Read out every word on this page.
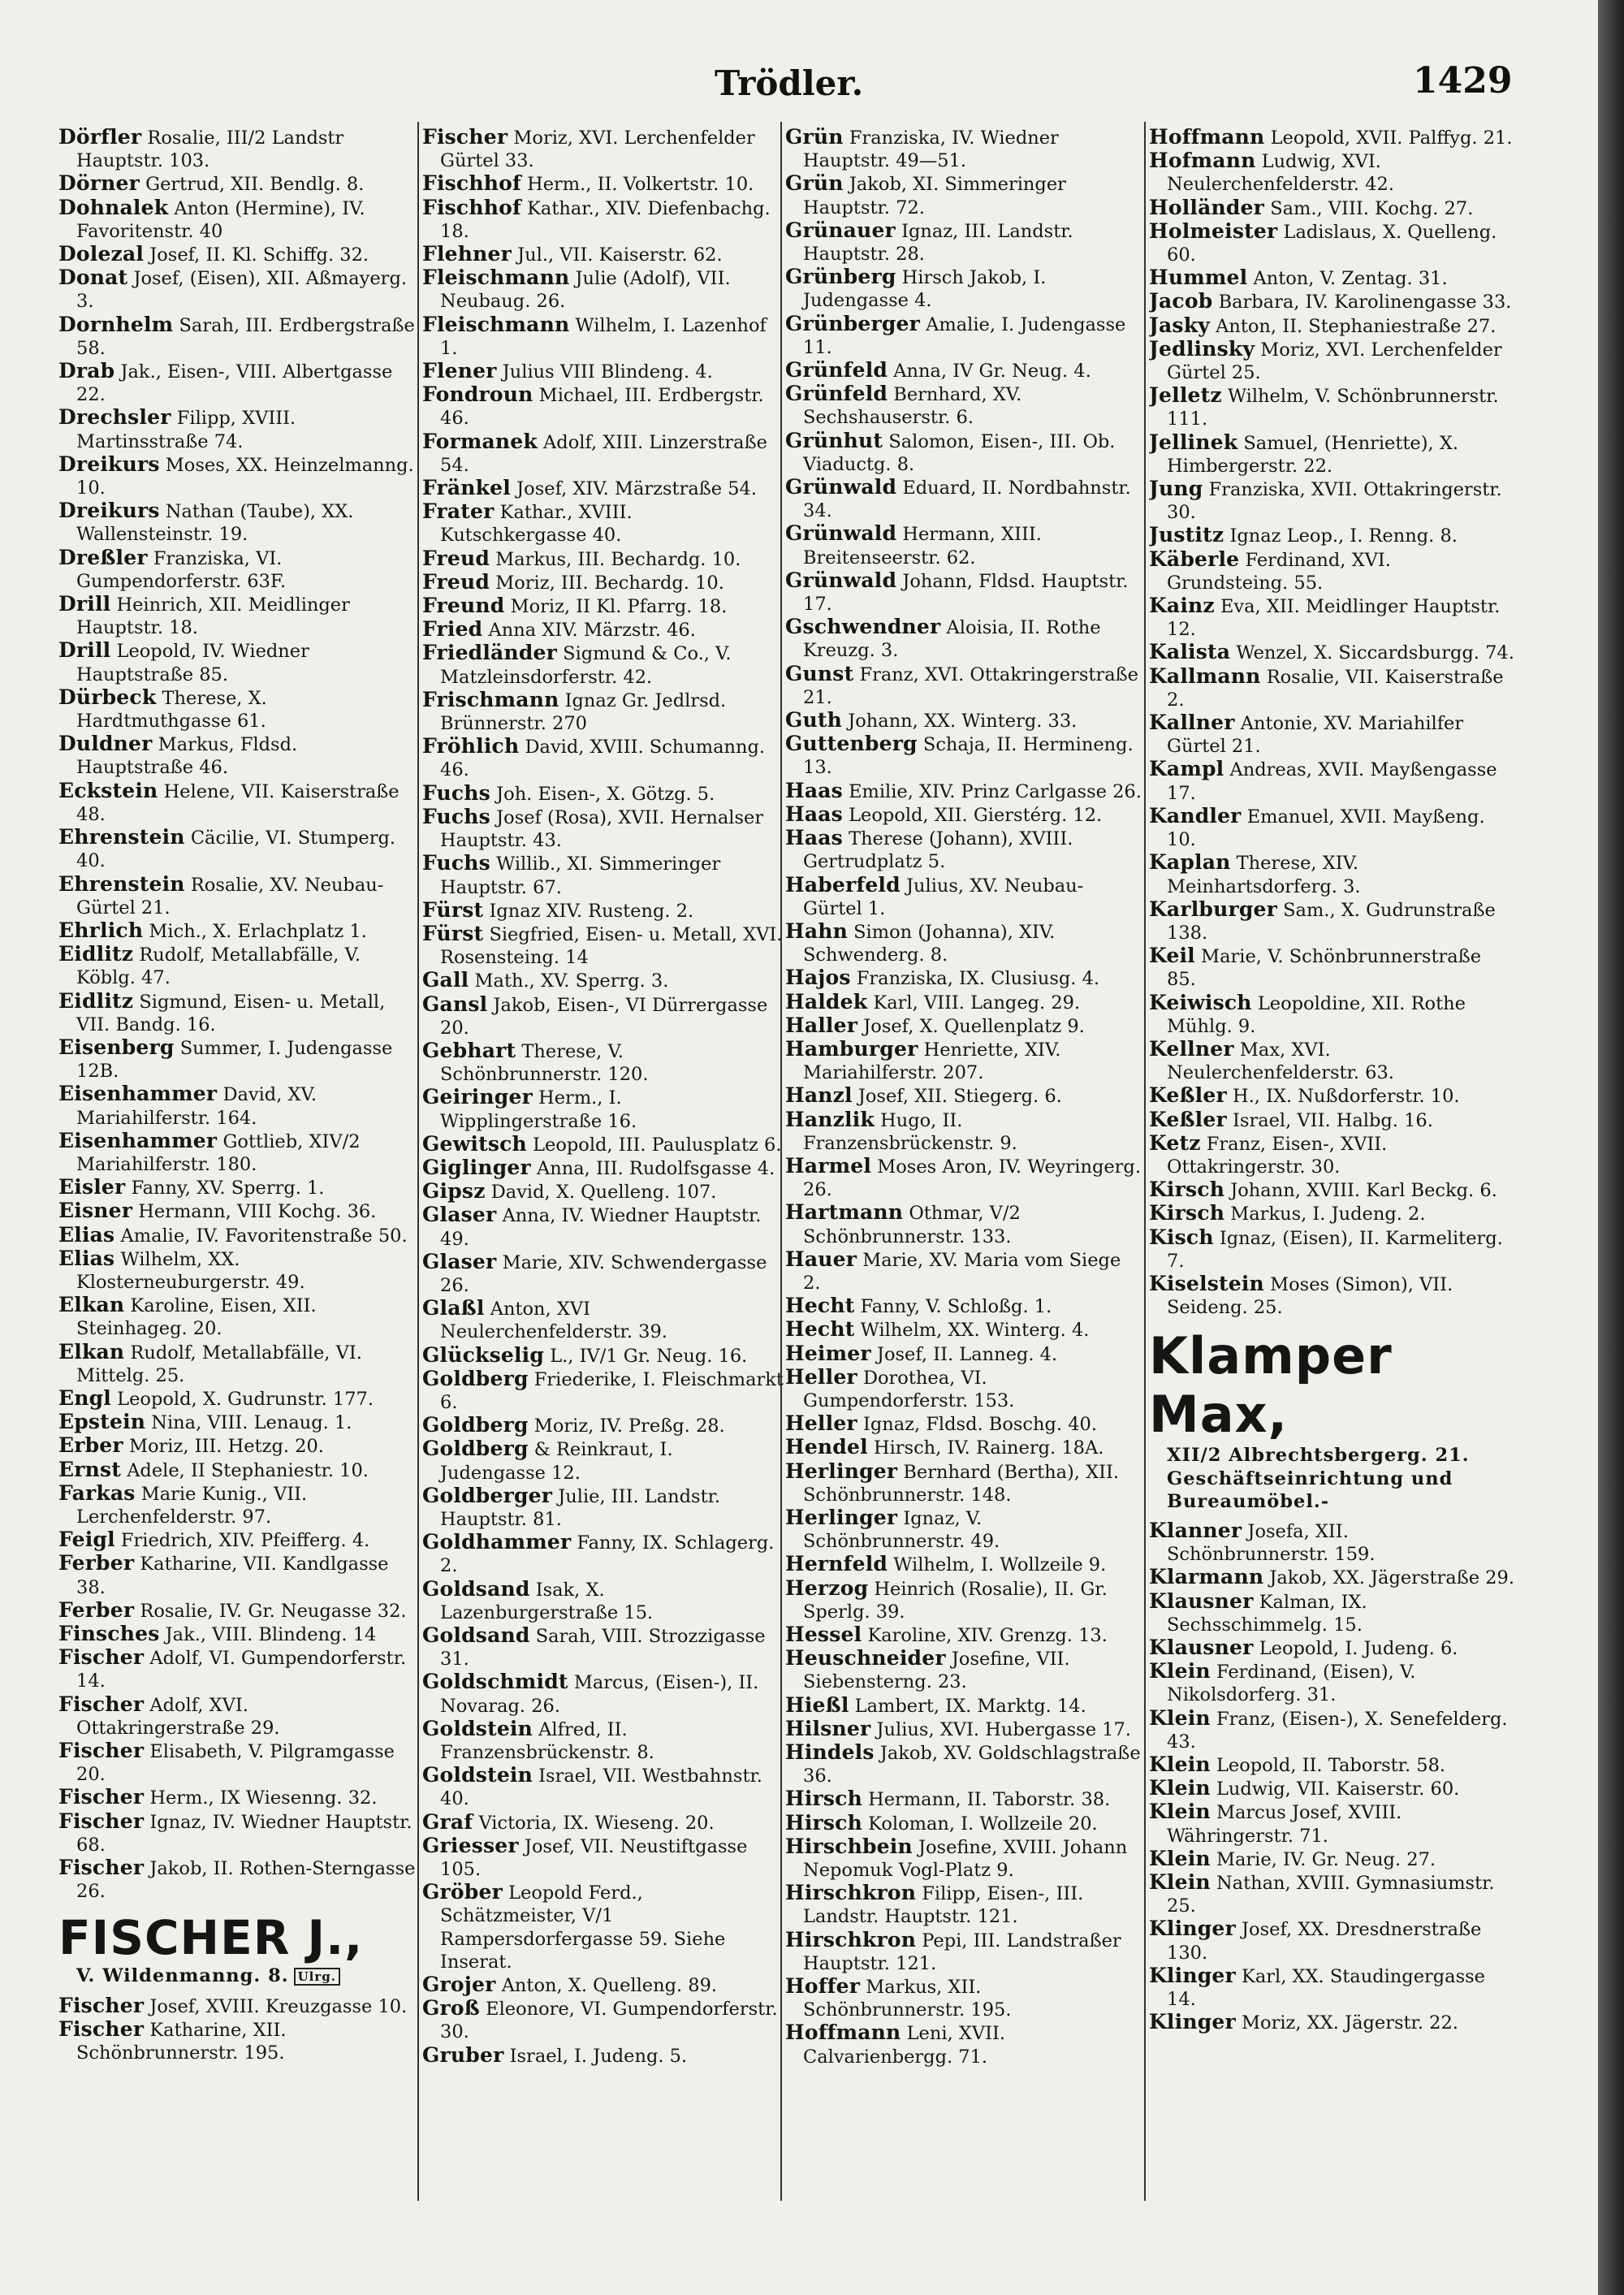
Trödler.	1429

Dörfler Rosalie, III/2 Landstr Hauptstr. 103.

Dörner Gertrud, XII. Bendlg. 8.

Dohnalek Anton (Hermine), IV. Favoritenstr. 40

Dolezal Josef, II. Kl. Schiffg. 32.

Donat Josef, (Eisen), XII. Aßmayerg. 3.

Dornhelm Sarah, III. Erdbergstraße 58.

Drab Jak., Eisen-, VIII. Albertgasse 22.

Drechsler Filipp, XVIII. Martinsstraße 74.

Dreikurs Moses, XX. Heinzelmanng. 10.

Dreikurs Nathan (Taube), XX. Wallensteinstr. 19.

Dreßler Franziska, VI. Gumpendorferstr. 63F.

Drill Heinrich, XII. Meidlinger Hauptstr. 18.

Drill Leopold, IV. Wiedner Hauptstraße 85.

Dürbeck Therese, X. Hardtmuthgasse 61.

Duldner Markus, Fldsd. Hauptstraße 46.

Eckstein Helene, VII. Kaiserstraße 48.

Ehrenstein Cäcilie, VI. Stumperg. 40.

Ehrenstein Rosalie, XV. Neubau-Gürtel 21.

Ehrlich Mich., X. Erlachplatz 1.

Eidlitz Rudolf, Metallabfälle, V. Köblg. 47.

Eidlitz Sigmund, Eisen- u. Metall, VII. Bandg. 16.

Eisenberg Summer, I. Judengasse 12B.

Eisenhammer David, XV. Mariahilferstr. 164.

Eisenhammer Gottlieb, XIV/2 Mariahilferstr. 180.

Eisler Fanny, XV. Sperrg. 1.

Eisner Hermann, VIII Kochg. 36.

Elias Amalie, IV. Favoritenstraße 50.

Elias Wilhelm, XX. Klosterneuburgerstr. 49.

Elkan Karoline, Eisen, XII. Steinhageg. 20.

Elkan Rudolf, Metallabfälle, VI. Mittelg. 25.

Engl Leopold, X. Gudrunstr. 177.

Epstein Nina, VIII. Lenaug. 1.

Erber Moriz, III. Hetzg. 20.

Ernst Adele, II Stephaniestr. 10.

Farkas Marie Kunig., VII. Lerchenfelderstr. 97.

Feigl Friedrich, XIV. Pfeifferg. 4.

Ferber Katharine, VII. Kandlgasse 38.

Ferber Rosalie, IV. Gr. Neugasse 32.

Finsches Jak., VIII. Blindeng. 14

Fischer Adolf, VI. Gumpendorferstr. 14.

Fischer Adolf, XVI. Ottakringerstraße 29.

Fischer Elisabeth, V. Pilgramgasse 20.

Fischer Herm., IX Wiesenng. 32.

Fischer Ignaz, IV. Wiedner Hauptstr. 68.

Fischer Jakob, II. Rothen-Sterngasse 26.

FISCHER J.,
V. Wildenmanng. 8. Ulrg.

Fischer Josef, XVIII. Kreuzgasse 10.

Fischer Katharine, XII. Schönbrunnerstr. 195.

Fischer Moriz, XVI. Lerchenfelder Gürtel 33.

Fischhof Herm., II. Volkertstr. 10.

Fischhof Kathar., XIV. Diefenbachg. 18.

Flehner Jul., VII. Kaiserstr. 62.

Fleischmann Julie (Adolf), VII. Neubaug. 26.

Fleischmann Wilhelm, I. Lazenhof 1.

Flener Julius VIII Blindeng. 4.

Fondroun Michael, III. Erdbergstr. 46.

Formanek Adolf, XIII. Linzerstraße 54.

Fränkel Josef, XIV. Märzstraße 54.

Frater Kathar., XVIII. Kutschkergasse 40.

Freud Markus, III. Bechardg. 10.

Freud Moriz, III. Bechardg. 10.

Freund Moriz, II Kl. Pfarrg. 18.

Fried Anna XIV. Märzstr. 46.

Friedländer Sigmund & Co., V. Matzleinsdorferstr. 42.

Frischmann Ignaz Gr. Jedlrsd. Brünnerstr. 270

Fröhlich David, XVIII. Schumanng. 46.

Fuchs Joh. Eisen-, X. Götzg. 5.

Fuchs Josef (Rosa), XVII. Hernalser Hauptstr. 43.

Fuchs Willib., XI. Simmeringer Hauptstr. 67.

Fürst Ignaz XIV. Rusteng. 2.

Fürst Siegfried, Eisen- u. Metall, XVI. Rosensteing. 14

Gall Math., XV. Sperrg. 3.

Gansl Jakob, Eisen-, VI Dürrergasse 20.

Gebhart Therese, V. Schönbrunnerstr. 120.

Geiringer Herm., I. Wipplingerstraße 16.

Gewitsch Leopold, III. Paulusplatz 6.

Giglinger Anna, III. Rudolfsgasse 4.

Gipsz David, X. Quelleng. 107.

Glaser Anna, IV. Wiedner Hauptstr. 49.

Glaser Marie, XIV. Schwendergasse 26.

Glaßl Anton, XVI Neulerchenfelderstr. 39.

Glückselig L., IV/1 Gr. Neug. 16.

Goldberg Friederike, I. Fleischmarkt 6.

Goldberg Moriz, IV. Preßg. 28.

Goldberg & Reinkraut, I. Judengasse 12.

Goldberger Julie, III. Landstr. Hauptstr. 81.

Goldhammer Fanny, IX. Schlagerg. 2.

Goldsand Isak, X. Lazenburgerstraße 15.

Goldsand Sarah, VIII. Strozzigasse 31.

Goldschmidt Marcus, (Eisen-), II. Novarag. 26.

Goldstein Alfred, II. Franzensbrückenstr. 8.

Goldstein Israel, VII. Westbahnstr. 40.

Graf Victoria, IX. Wieseng. 20.

Griesser Josef, VII. Neustiftgasse 105.

Gröber Leopold Ferd., Schätzmeister, V/1 Rampersdorfergasse 59. Siehe Inserat.

Grojer Anton, X. Quelleng. 89.

Groß Eleonore, VI. Gumpendorferstr. 30.

Gruber Israel, I. Judeng. 5.

Grün Franziska, IV. Wiedner Hauptstr. 49—51.

Grün Jakob, XI. Simmeringer Hauptstr. 72.

Grünauer Ignaz, III. Landstr. Hauptstr. 28.

Grünberg Hirsch Jakob, I. Judengasse 4.

Grünberger Amalie, I. Judengasse 11.

Grünfeld Anna, IV Gr. Neug. 4.

Grünfeld Bernhard, XV. Sechshauserstr. 6.

Grünhut Salomon, Eisen-, III. Ob. Viaductg. 8.

Grünwald Eduard, II. Nordbahnstr. 34.

Grünwald Hermann, XIII. Breitenseerstr. 62.

Grünwald Johann, Fldsd. Hauptstr. 17.

Gschwendner Aloisia, II. Rothe Kreuzg. 3.

Gunst Franz, XVI. Ottakringerstraße 21.

Guth Johann, XX. Winterg. 33.

Guttenberg Schaja, II. Hermineng. 13.

Haas Emilie, XIV. Prinz Carlgasse 26.

Haas Leopold, XII. Gierstérg. 12.

Haas Therese (Johann), XVIII. Gertrudplatz 5.

Haberfeld Julius, XV. Neubau-Gürtel 1.

Hahn Simon (Johanna), XIV. Schwenderg. 8.

Hajos Franziska, IX. Clusiusg. 4.

Haldek Karl, VIII. Langeg. 29.

Haller Josef, X. Quellenplatz 9.

Hamburger Henriette, XIV. Mariahilferstr. 207.

Hanzl Josef, XII. Stiegerg. 6.

Hanzlik Hugo, II. Franzensbrückenstr. 9.

Harmel Moses Aron, IV. Weyringerg. 26.

Hartmann Othmar, V/2 Schönbrunnerstr. 133.

Hauer Marie, XV. Maria vom Siege 2.

Hecht Fanny, V. Schloßg. 1.

Hecht Wilhelm, XX. Winterg. 4.

Heimer Josef, II. Lanneg. 4.

Heller Dorothea, VI. Gumpendorferstr. 153.

Heller Ignaz, Fldsd. Boschg. 40.

Hendel Hirsch, IV. Rainerg. 18A.

Herlinger Bernhard (Bertha), XII. Schönbrunnerstr. 148.

Herlinger Ignaz, V. Schönbrunnerstr. 49.

Hernfeld Wilhelm, I. Wollzeile 9.

Herzog Heinrich (Rosalie), II. Gr. Sperlg. 39.

Hessel Karoline, XIV. Grenzg. 13.

Heuschneider Josefine, VII. Siebensterng. 23.

Hießl Lambert, IX. Marktg. 14.

Hilsner Julius, XVI. Hubergasse 17.

Hindels Jakob, XV. Goldschlagstraße 36.

Hirsch Hermann, II. Taborstr. 38.

Hirsch Koloman, I. Wollzeile 20.

Hirschbein Josefine, XVIII. Johann Nepomuk Vogl-Platz 9.

Hirschkron Filipp, Eisen-, III. Landstr. Hauptstr. 121.

Hirschkron Pepi, III. Landstraßer Hauptstr. 121.

Hoffer Markus, XII. Schönbrunnerstr. 195.

Hoffmann Leni, XVII. Calvarienbergg. 71.

Hoffmann Leopold, XVII. Palffyg. 21.

Hofmann Ludwig, XVI. Neulerchenfelderstr. 42.

Holländer Sam., VIII. Kochg. 27.

Holmeister Ladislaus, X. Quelleng. 60.

Hummel Anton, V. Zentag. 31.

Jacob Barbara, IV. Karolinengasse 33.

Jasky Anton, II. Stephaniestraße 27.

Jedlinsky Moriz, XVI. Lerchenfelder Gürtel 25.

Jelletz Wilhelm, V. Schönbrunnerstr. 111.

Jellinek Samuel, (Henriette), X. Himbergerstr. 22.

Jung Franziska, XVII. Ottakringerstr. 30.

Justitz Ignaz Leop., I. Renng. 8.

Käberle Ferdinand, XVI. Grundsteing. 55.

Kainz Eva, XII. Meidlinger Hauptstr. 12.

Kalista Wenzel, X. Siccardsburgg. 74.

Kallmann Rosalie, VII. Kaiserstraße 2.

Kallner Antonie, XV. Mariahilfer Gürtel 21.

Kampl Andreas, XVII. Mayßengasse 17.

Kandler Emanuel, XVII. Mayßeng. 10.

Kaplan Therese, XIV. Meinhartsdorferg. 3.

Karlburger Sam., X. Gudrunstraße 138.

Keil Marie, V. Schönbrunnerstraße 85.

Keiwisch Leopoldine, XII. Rothe Mühlg. 9.

Kellner Max, XVI. Neulerchenfelderstr. 63.

Keßler H., IX. Nußdorferstr. 10.

Keßler Israel, VII. Halbg. 16.

Ketz Franz, Eisen-, XVII. Ottakringerstr. 30.

Kirsch Johann, XVIII. Karl Beckg. 6.

Kirsch Markus, I. Judeng. 2.

Kisch Ignaz, (Eisen), II. Karmeliterg. 7.

Kiselstein Moses (Simon), VII. Seideng. 25.

Klamper Max,
XII/2 Albrechtsbergerg. 21. Geschäftseinrichtung und Bureaumöbel.-

Klanner Josefa, XII. Schönbrunnerstr. 159.

Klarmann Jakob, XX. Jägerstraße 29.

Klausner Kalman, IX. Sechsschimmelg. 15.

Klausner Leopold, I. Judeng. 6.

Klein Ferdinand, (Eisen), V. Nikolsdorferg. 31.

Klein Franz, (Eisen-), X. Senefelderg. 43.

Klein Leopold, II. Taborstr. 58.

Klein Ludwig, VII. Kaiserstr. 60.

Klein Marcus Josef, XVIII. Währingerstr. 71.

Klein Marie, IV. Gr. Neug. 27.

Klein Nathan, XVIII. Gymnasiumstr. 25.

Klinger Josef, XX. Dresdnerstraße 130.

Klinger Karl, XX. Staudingergasse 14.

Klinger Moriz, XX. Jägerstr. 22.
